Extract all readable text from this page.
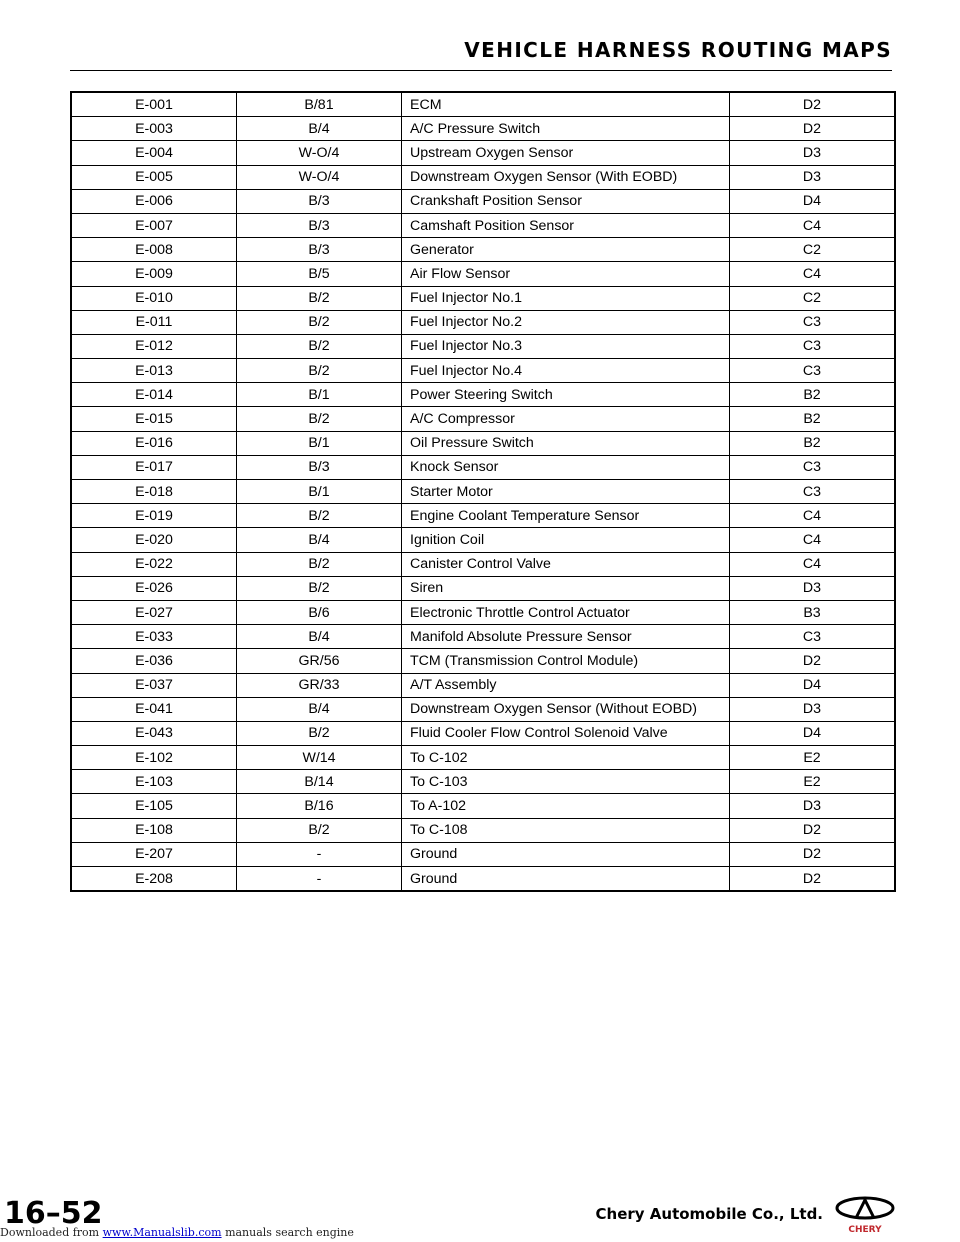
VEHICLE HARNESS ROUTING MAPS
E-001	B/81	ECM	D2
E-003	B/4	A/C Pressure Switch	D2
E-004	W-O/4	Upstream Oxygen Sensor	D3
E-005	W-O/4	Downstream Oxygen Sensor (With EOBD)	D3
E-006	B/3	Crankshaft Position Sensor	D4
E-007	B/3	Camshaft Position Sensor	C4
E-008	B/3	Generator	C2
E-009	B/5	Air Flow Sensor	C4
E-010	B/2	Fuel Injector No.1	C2
E-011	B/2	Fuel Injector No.2	C3
E-012	B/2	Fuel Injector No.3	C3
E-013	B/2	Fuel Injector No.4	C3
E-014	B/1	Power Steering Switch	B2
E-015	B/2	A/C Compressor	B2
E-016	B/1	Oil Pressure Switch	B2
E-017	B/3	Knock Sensor	C3
E-018	B/1	Starter Motor	C3
E-019	B/2	Engine Coolant Temperature Sensor	C4
E-020	B/4	Ignition Coil	C4
E-022	B/2	Canister Control Valve	C4
E-026	B/2	Siren	D3
E-027	B/6	Electronic Throttle Control Actuator	B3
E-033	B/4	Manifold Absolute Pressure Sensor	C3
E-036	GR/56	TCM (Transmission Control Module)	D2
E-037	GR/33	A/T Assembly	D4
E-041	B/4	Downstream Oxygen Sensor (Without EOBD)	D3
E-043	B/2	Fluid Cooler Flow Control Solenoid Valve	D4
E-102	W/14	To C-102	E2
E-103	B/14	To C-103	E2
E-105	B/16	To A-102	D3
E-108	B/2	To C-108	D2
E-207	-	Ground	D2
E-208	-	Ground	D2
16–52	Chery Automobile Co., Ltd.
CHERY
Downloaded from www.Manualslib.com manuals search engine
